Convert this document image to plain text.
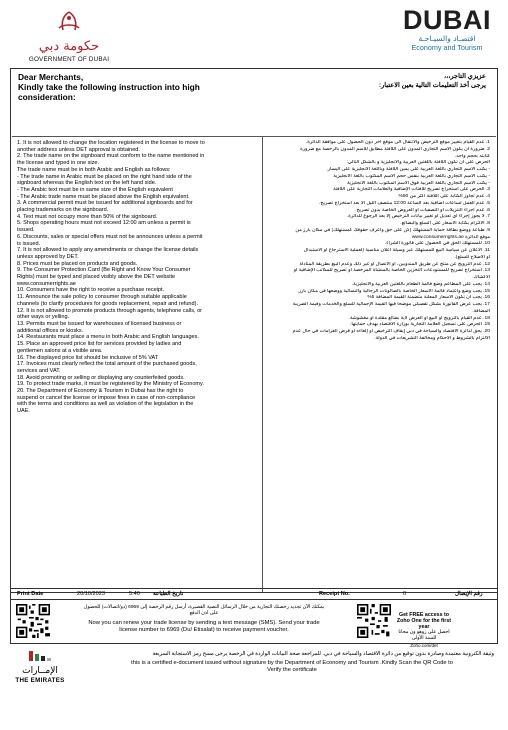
حكومة دبي
GOVERNMENT OF DUBAI
DUBAI
اقتصـاد والسيـاحـة
Economy and Tourism
Dear Merchants,
Kindly take the following instruction into high
consideration:
عزيزي التاجر،،،
يرجى أخذ التعليمات التالية بعين الاعتبار:
1. It is not allowed to change the location registered in the license to move to
another address unless DET approval is obtained.
2. The trade name on the signboard must conform to the name mentioned in
the license and typed in one size.
The trade name must be in both Arabic and English as follows:
- The trade name in Arabic must be placed on the right hand side of the
signboard whereas the English text on the left hand side.
- The Arabic text must be in same size of the English equivalent
- The Arabic trade name must be placed above the English equivalent.
3. A commercial permit must be issued for additional signboards and for
placing trademarks on the signboard.
4. Text must not occupy more than 50% of the signboard.
5. Shops operating hours must not exceed 12:00 am unless a permit is
issued.
6. Discounts, sales or special offers must not be announces unless a permit
is issued.
7. It is not allowed to apply any amendments or change the license details
unless approved by DET.
8. Prices must be placed on products and goods.
9. The Consumer Protection Card (Be Right and Know Your Consumer
Rights) must be typed and placed visibly above the DET website
www.consumerrights.ae
10. Consumers have the right to receive a purchase receipt.
11. Announce the sale policy to consumer through suitable applicable
channels (to clarify procedures for goods replacement, repair and refund).
12. It is not allowed to promote products through agents, telephone calls, or
other ways or yelling.
13. Permits must be issued for warehouses of licensed business or
additional offices or kiosks.
14. Restaurants must place a menu in both Arabic and English languages.
15. Place an approved price list for services provided by ladies and
gentlemen salons at a visible area.
16. The displayed price list should be inclusive of 5% VAT
17. Invoices must clearly reflect the total amount of the purchased goods,
services and VAT.
18. Avoid promoting or selling or displaying any counterfeited goods.
19. To protect trade marks, it must be registered by the Ministry of Economy.
20. The Department of Economy & Tourism in Dubai has the right to
suspend or cancel the license or impose fines in case of non-compliance
with the terms and conditions as well as violation of the legislation in the
UAE.
1. عدم القيام بتغيير موقع الترخيص والانتقال الى موقع اخر دون الحصول على موافقة الدائرة.
2. ضرورة أن يكون الاسم التجاري المدون على اللافتة مطابق للاسم المدون بالرخصة مع ضرورة
كتابته بحجم واحد.
الحرص على أن تكون اللافتة باللغتين العربية والانجليزية و بالشكل التالي:
- يكتب الاسم التجاري باللغة العربية على يمين اللافتة وباللغة الانجليزية على اليسار.
- يكتب الاسم التجاري باللغة العربية بنفس حجم الاسم المكتوب باللغة الانجليزية
- يكتب الاسم التجاري باللغة العربية فوق الاسم المكتوب باللغة الانجليزية
3. الحرص على استخراج تصريح للافتات الإضافية والعلامات التجارية على اللافتة
4. عدم تجاوز الكتابة على اللافتة أكثر من 50%
5. عدم العمل لساعات اضافية بعد الساعة 12:00 منتصف الليل الا بعد استخراج تصريح.
6. عدم اجراء التنزيلات أو التصفيات أو العروض الخاصة بدون تصريح.
7. لا يجوز إجراء أي تعديل أو تغيير بيانات الترخيص إلا بعد الرجوع للدائرة.
8. الالتزام بكتابة الأسعار على السلع والبضائع.
9. طباعة ووضع بطاقة حماية المستهلك (كن على حق واعرف حقوقك كمستهلك) في مكان بارز من
موقع الدائرة www.consumerrights.ae
10. للمستهلك الحق في الحصول على فاتورة الشراء.
11. الاعلان عن سياسة البيع للمستهلك عبر وسيلة اعلان مناسبة (لعملية الاسترجاع أو الاستبدال
أو الاصلاح للسلع).
12. عدم الترويج عن منتج عن طريق المندوبين، أو الاتصال أو غير ذلك وعدم البيع بطريقة المناداة
13. استخراج تصريح للمستودعات التخزين الخاصة بالمنشأة المرخصة أو تصريح للمكاتب الإضافية أو
الأكشاك.
14. يجب على المطاعم وضع قائمة الطعام باللغتين العربية والانجليزية.
15. يجب وضع واعتماد قائمة الأسعار الخاصة بالصالونات الرجالية والنسائية ووضعها في مكان بارز.
16. يجب أن تكون الأسعار المعلنة متضمنة القيمة المضافة 5%
17. يجب عرض الفاتورة بشكل تفصيلي موضحا فيها القيمة الإجمالية للسلع والخدمات وقيمة الضريبة
المضافة.
18. عدم القيام بالترويج او البيع او العرض لأية بضائع مقلدة أو مغشوشة.
19. الحرص على تسجيل العلامة التجارية بوزارة الاقتصاد بهدف حمايتها.
20. يحق لدائرة الاقتصاد والسياحة في دبي إيقاف الترخيص أو إلغاءه أو فرض الغرامات في حال عدم
الالتزام بالشروط و الأحكام ومخالفة التشريعات في الدولة.
Print Date	20/10/2023	5:40 تاريخ الطباعة	Receipt No.	0	رقم الإيصال
بمكنك الآن تجديد رخصتك التجارية من خلال الرسائل النصية القصيرة، أرسل رقم الرخصة إلى 6969 (دو/اتصالات) للحصول
على اذن الدفع
Now you can renew your trade license by sending a text message (SMS). Send your trade
license number to 6969 (Du/ Etisalat) to receive payment voucher.
Get FREE access to
Zoho One for the first
year
احصل على زوهو ون مجانا
للسنة الأولى
Zoho.com/det
الإمــارات
THE EMIRATES
وثيقة الكترونية معتمدة وصادرة بدون توقيع من دائرة الاقتصاد والسياحة في دبي. للمراجعة صحة البيانات الواردة في الرخصة يرجى مسح رمز الاستجابة السريعة
this is a certified e-document issued without signature by the Department of Economy and Tourism .Kindly Scan the QR Code to
Verify the certificate
